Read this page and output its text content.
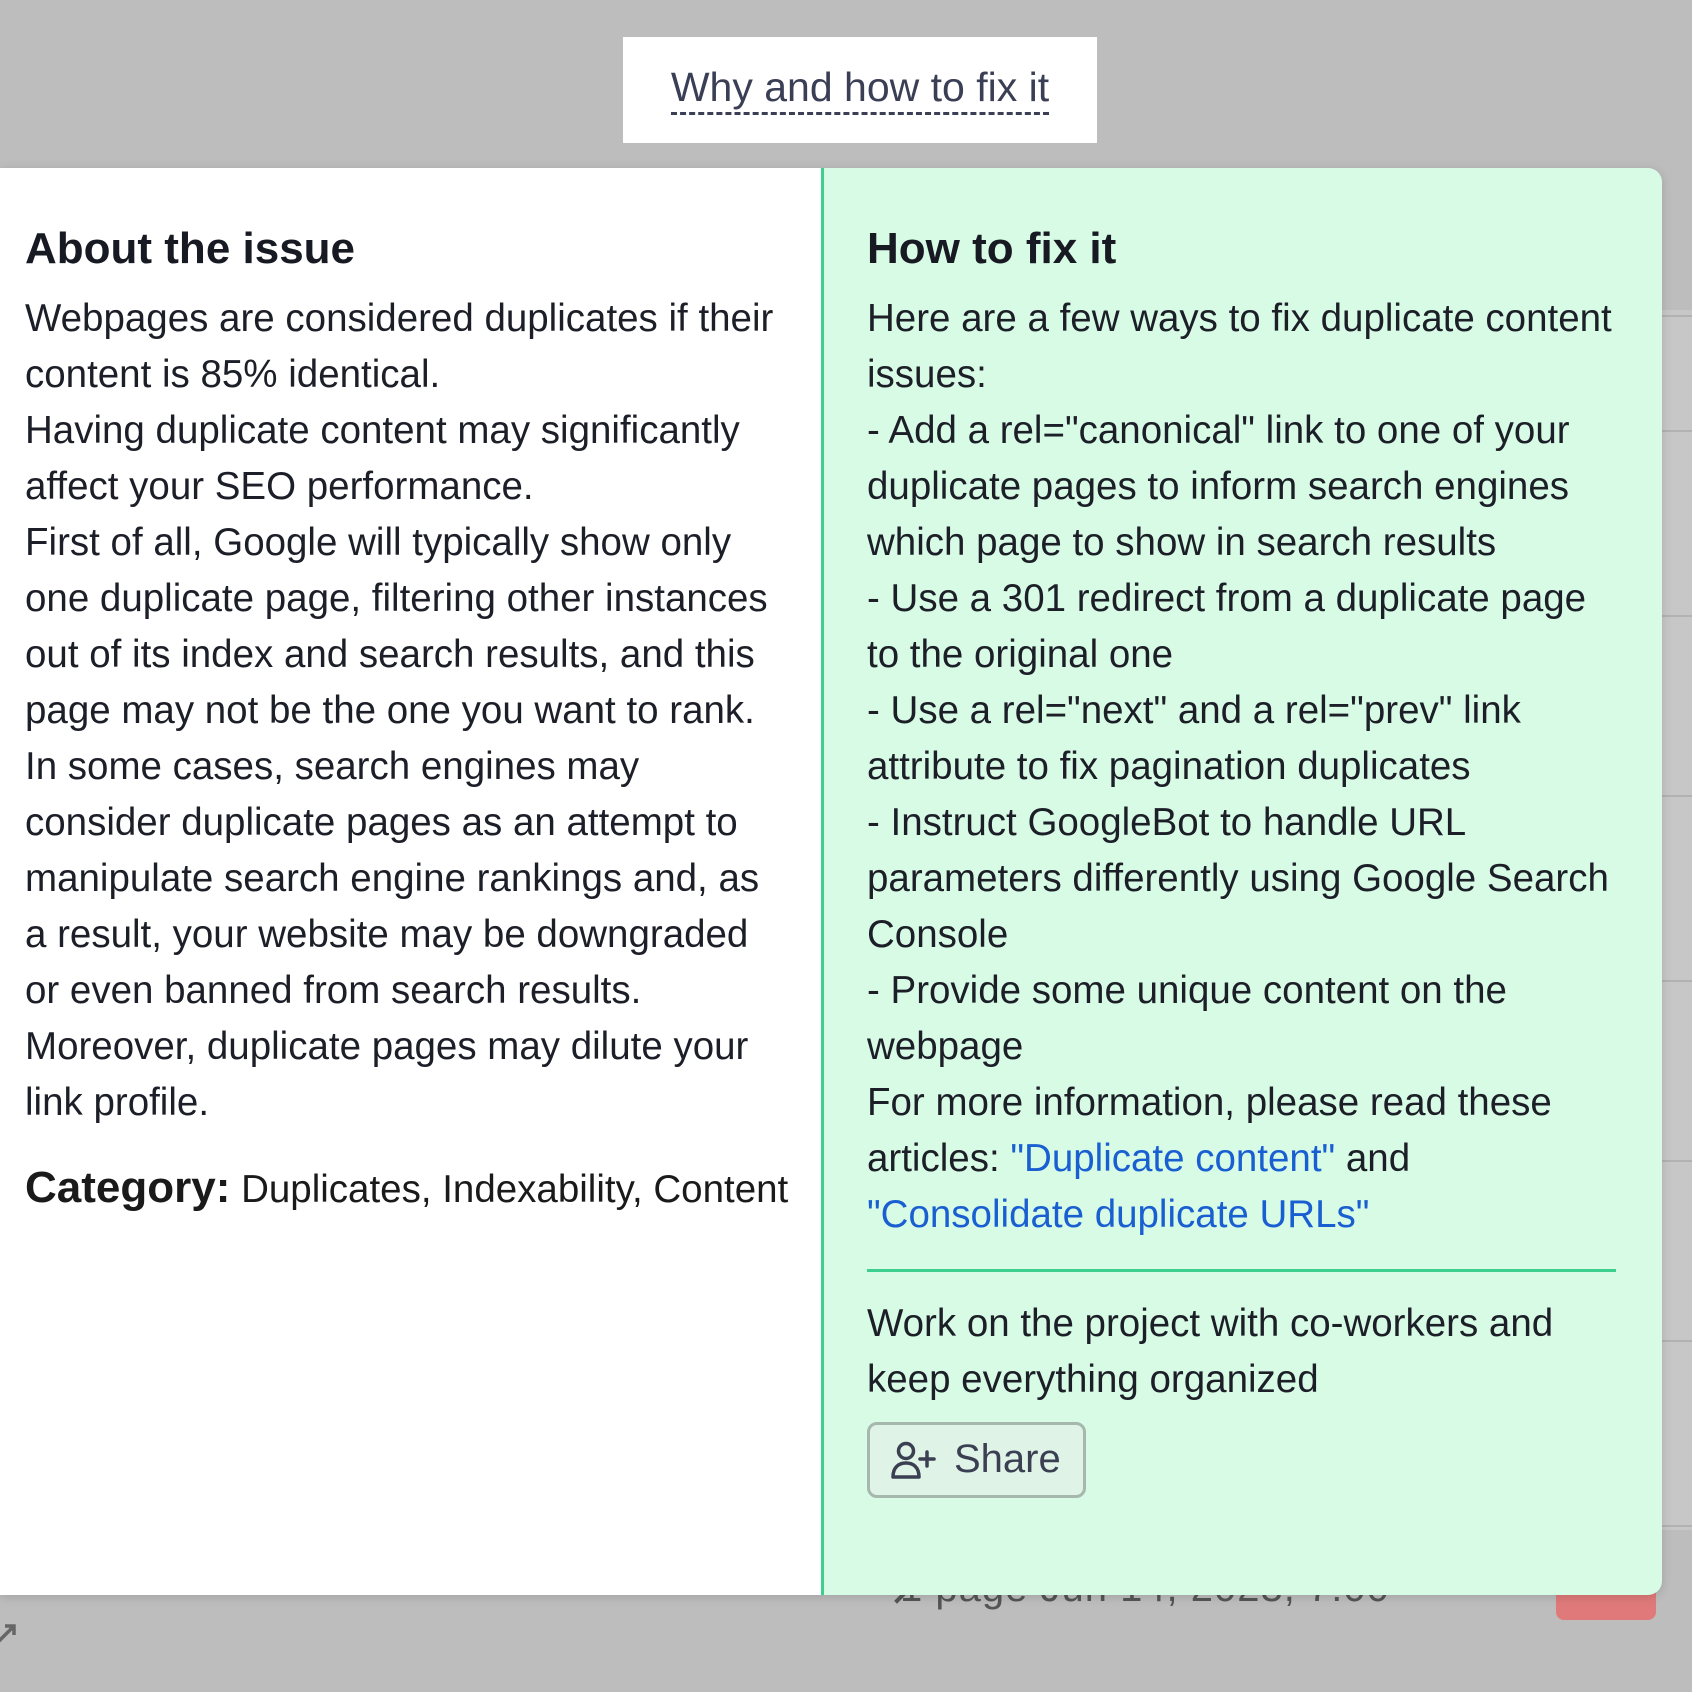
Why and how to fix it
About the issue

Webpages are considered duplicates if their content is 85% identical.

Having duplicate content may significantly affect your SEO performance.

First of all, Google will typically show only one duplicate page, filtering other instances out of its index and search results, and this page may not be the one you want to rank.

In some cases, search engines may consider duplicate pages as an attempt to manipulate search engine rankings and, as a result, your website may be downgraded or even banned from search results.

Moreover, duplicate pages may dilute your link profile.

Category: Duplicates, Indexability, Content
How to fix it

Here are a few ways to fix duplicate content issues:

- Add a rel="canonical" link to one of your duplicate pages to inform search engines which page to show in search results

- Use a 301 redirect from a duplicate page to the original one

- Use a rel="next" and a rel="prev" link attribute to fix pagination duplicates

- Instruct GoogleBot to handle URL parameters differently using Google Search Console

- Provide some unique content on the webpage

For more information, please read these articles: "Duplicate content" and "Consolidate duplicate URLs"

Work on the project with co-workers and keep everything organized

Share
